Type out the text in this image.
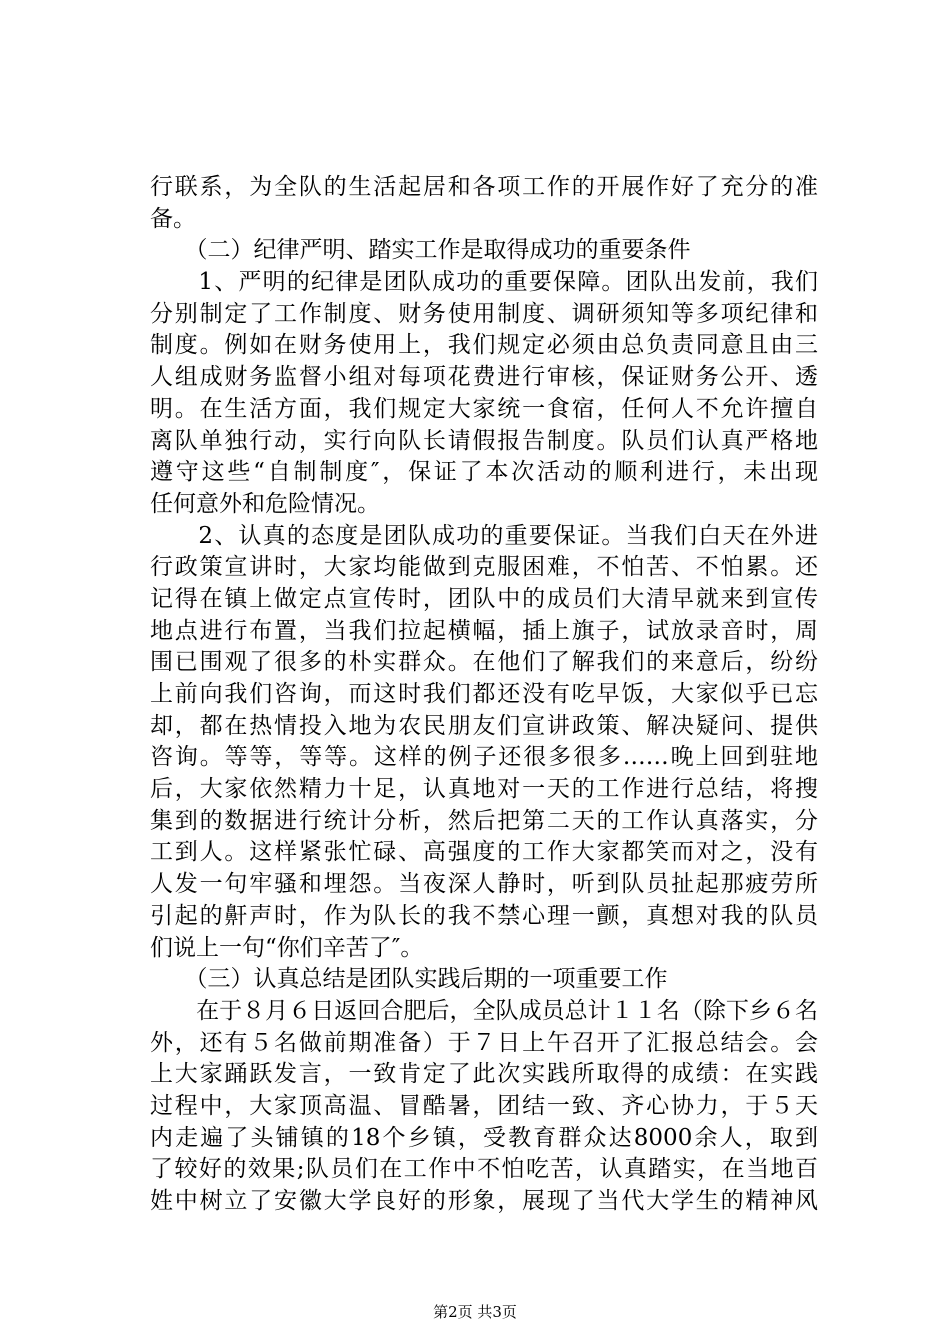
行联系，为全队的生活起居和各项工作的开展作好了充分的准
备。
　　（二）纪律严明、踏实工作是取得成功的重要条件
　　1、严明的纪律是团队成功的重要保障。团队出发前，我们
分别制定了工作制度、财务使用制度、调研须知等多项纪律和
制度。例如在财务使用上，我们规定必须由总负责同意且由三
人组成财务监督小组对每项花费进行审核，保证财务公开、透
明。在生活方面，我们规定大家统一食宿，任何人不允许擅自
离队单独行动，实行向队长请假报告制度。队员们认真严格地
遵守这些“自制制度″，保证了本次活动的顺利进行，未出现
任何意外和危险情况。
　　2、认真的态度是团队成功的重要保证。当我们白天在外进
行政策宣讲时，大家均能做到克服困难，不怕苦、不怕累。还
记得在镇上做定点宣传时，团队中的成员们大清早就来到宣传
地点进行布置，当我们拉起横幅，插上旗子，试放录音时，周
围已围观了很多的朴实群众。在他们了解我们的来意后，纷纷
上前向我们咨询，而这时我们都还没有吃早饭，大家似乎已忘
却，都在热情投入地为农民朋友们宣讲政策、解决疑问、提供
咨询。等等，等等。这样的例子还很多很多……晚上回到驻地
后，大家依然精力十足，认真地对一天的工作进行总结，将搜
集到的数据进行统计分析，然后把第二天的工作认真落实，分
工到人。这样紧张忙碌、高强度的工作大家都笑而对之，没有
人发一句牢骚和埋怨。当夜深人静时，听到队员扯起那疲劳所
引起的鼾声时，作为队长的我不禁心理一颤，真想对我的队员
们说上一句“你们辛苦了″。
　　（三）认真总结是团队实践后期的一项重要工作
　　在于８月６日返回合肥后，全队成员总计１１名（除下乡６名
外，还有５名做前期准备）于７日上午召开了汇报总结会。会
上大家踊跃发言，一致肯定了此次实践所取得的成绩：在实践
过程中，大家顶高温、冒酷暑，团结一致、齐心协力，于５天
内走遍了头铺镇的18个乡镇，受教育群众达8000余人，取到
了较好的效果;队员们在工作中不怕吃苦，认真踏实，在当地百
姓中树立了安徽大学良好的形象，展现了当代大学生的精神风
第2页 共3页
